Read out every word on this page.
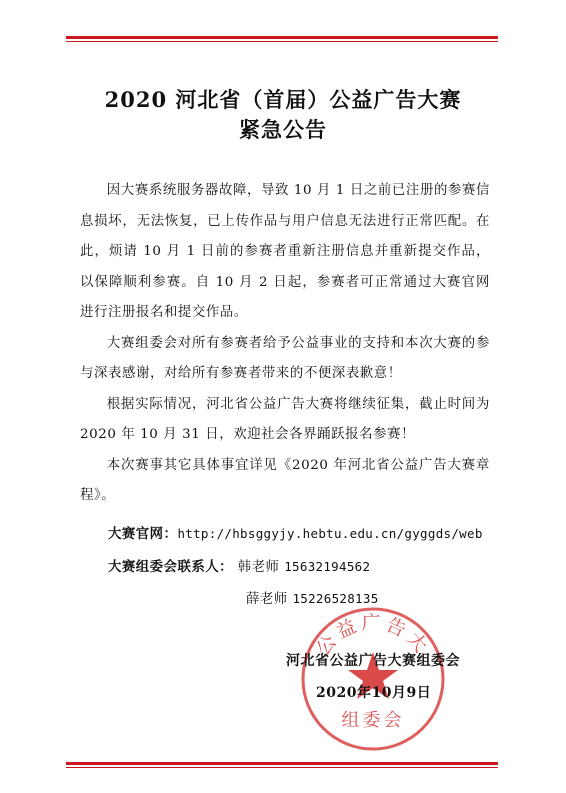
2020 河北省（首届）公益广告大赛
紧急公告

因大赛系统服务器故障，导致 10 月 1 日之前已注册的参赛信息损坏，无法恢复，已上传作品与用户信息无法进行正常匹配。在此，烦请 10 月 1 日前的参赛者重新注册信息并重新提交作品，以保障顺利参赛。自 10 月 2 日起，参赛者可正常通过大赛官网进行注册报名和提交作品。

大赛组委会对所有参赛者给予公益事业的支持和本次大赛的参与深表感谢，对给所有参赛者带来的不便深表歉意！

根据实际情况，河北省公益广告大赛将继续征集，截止时间为 2020 年 10 月 31 日，欢迎社会各界踊跃报名参赛！

本次赛事其它具体事宜详见《2020 年河北省公益广告大赛章程》。

大赛官网：http://hbsggyjy.hebtu.edu.cn/gyggds/web
大赛组委会联系人： 韩老师 15632194562
薛老师 15226528135
公益广告大
组委会
河北省公益广告大赛组委会
2020年10月9日
